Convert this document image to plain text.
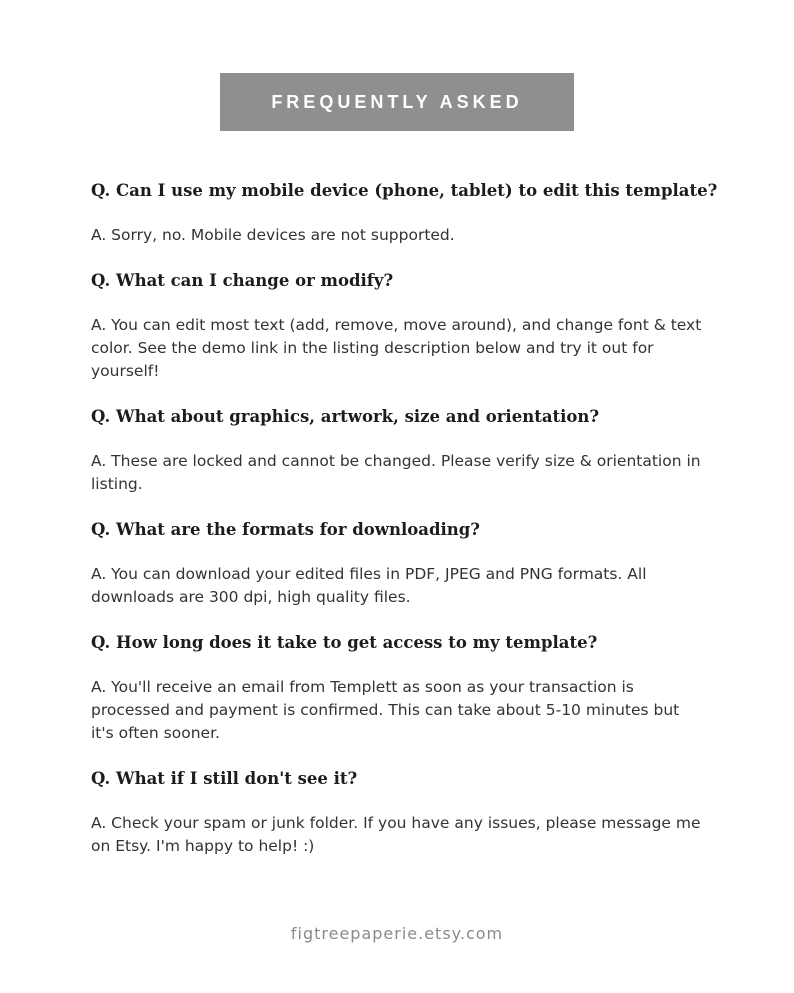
FREQUENTLY ASKED
Q. Can I use my mobile device (phone, tablet) to edit this template?
A. Sorry, no. Mobile devices are not supported.
Q. What can I change or modify?
A. You can edit most text (add, remove, move around), and change font & text
color. See the demo link in the listing description below and try it out for
yourself!
Q. What about graphics, artwork, size and orientation?
A. These are locked and cannot be changed. Please verify size & orientation in
listing.
Q. What are the formats for downloading?
A. You can download your edited files in PDF, JPEG and PNG formats. All
downloads are 300 dpi, high quality files.
Q. How long does it take to get access to my template?
A. You'll receive an email from Templett as soon as your transaction is
processed and payment is confirmed. This can take about 5-10 minutes but
it's often sooner.
Q. What if I still don't see it?
A. Check your spam or junk folder. If you have any issues, please message me
on Etsy. I'm happy to help! :)
figtreepaperie.etsy.com
